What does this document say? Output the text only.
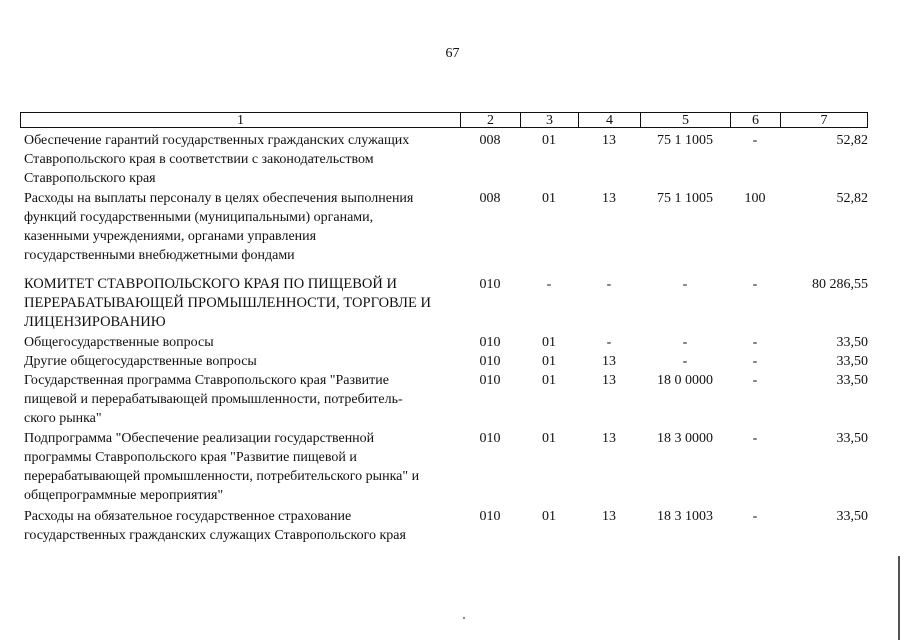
67
1	2	3	4	5	6	7
Обеспечение гарантий государственных гражданских служащих
Ставропольского края в соответствии с законодательством
Ставропольского края
008	01	13	75 1 1005	-	52,82
Расходы на выплаты персоналу в целях обеспечения выполнения
функций государственными (муниципальными) органами,
казенными учреждениями, органами управления
государственными внебюджетными фондами
008	01	13	75 1 1005	100	52,82
КОМИТЕТ СТАВРОПОЛЬСКОГО КРАЯ ПО ПИЩЕВОЙ И
ПЕРЕРАБАТЫВАЮЩЕЙ ПРОМЫШЛЕННОСТИ, ТОРГОВЛЕ И
ЛИЦЕНЗИРОВАНИЮ
010	-	-	-	-	80 286,55
Общегосударственные вопросы	010	01	-	-	-	33,50
Другие общегосударственные вопросы	010	01	13	-	-	33,50
Государственная программа Ставропольского края "Развитие
пищевой и перерабатывающей промышленности, потребитель-
ского рынка"
010	01	13	18 0 0000	-	33,50
Подпрограмма "Обеспечение реализации государственной
программы Ставропольского края "Развитие пищевой и
перерабатывающей промышленности, потребительского рынка" и
общепрограммные мероприятия"
010	01	13	18 3 0000	-	33,50
Расходы на обязательное государственное страхование
государственных гражданских служащих Ставропольского края
010	01	13	18 3 1003	-	33,50
